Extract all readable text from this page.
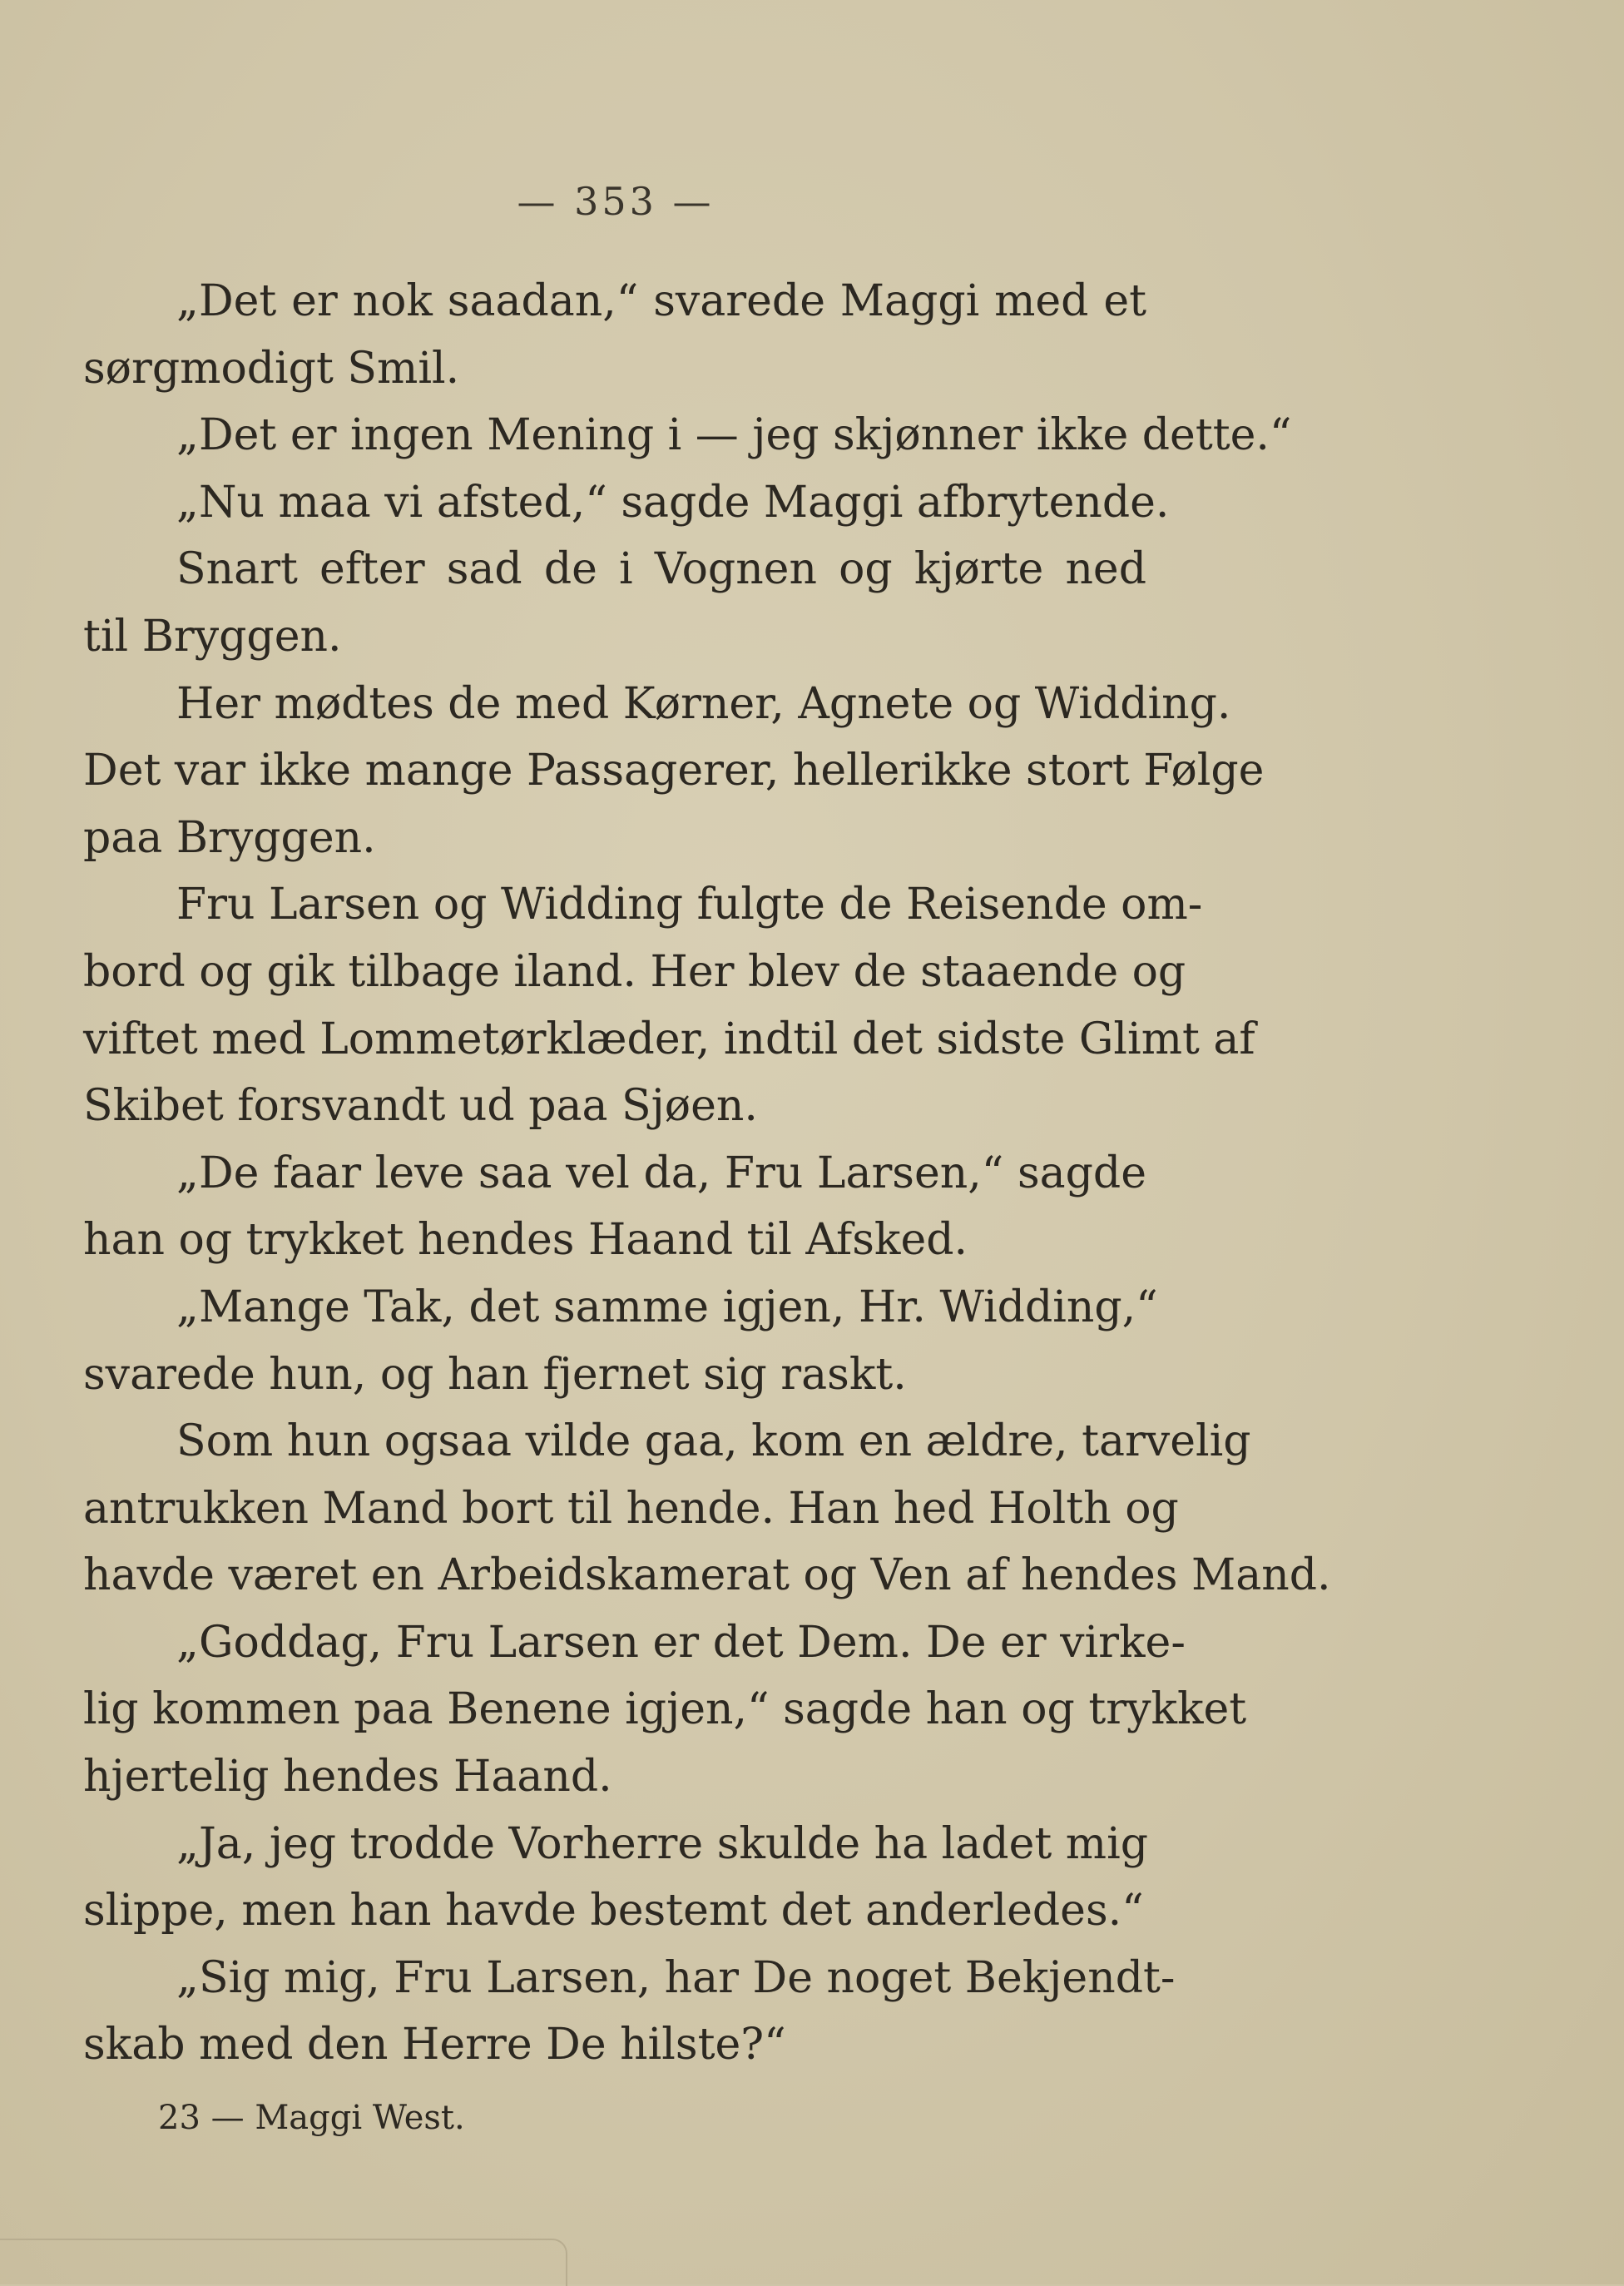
— 353 —
„Det er nok saadan,“ svarede Maggi med et
sørgmodigt Smil.
„Det er ingen Mening i — jeg skjønner ikke dette.“
„Nu maa vi afsted,“ sagde Maggi afbrytende.
Snart efter sad de i Vognen og kjørte ned
til Bryggen.
Her mødtes de med Kørner, Agnete og Widding.
Det var ikke mange Passagerer, hellerikke stort Følge
paa Bryggen.
Fru Larsen og Widding fulgte de Reisende om-
bord og gik tilbage iland. Her blev de staaende og
viftet med Lommetørklæder, indtil det sidste Glimt af
Skibet forsvandt ud paa Sjøen.
„De faar leve saa vel da, Fru Larsen,“ sagde
han og trykket hendes Haand til Afsked.
„Mange Tak, det samme igjen, Hr. Widding,“
svarede hun, og han fjernet sig raskt.
Som hun ogsaa vilde gaa, kom en ældre, tarvelig
antrukken Mand bort til hende. Han hed Holth og
havde været en Arbeidskamerat og Ven af hendes Mand.
„Goddag, Fru Larsen er det Dem. De er virke-
lig kommen paa Benene igjen,“ sagde han og trykket
hjertelig hendes Haand.
„Ja, jeg trodde Vorherre skulde ha ladet mig
slippe, men han havde bestemt det anderledes.“
„Sig mig, Fru Larsen, har De noget Bekjendt-
skab med den Herre De hilste?“
23 — Maggi West.
